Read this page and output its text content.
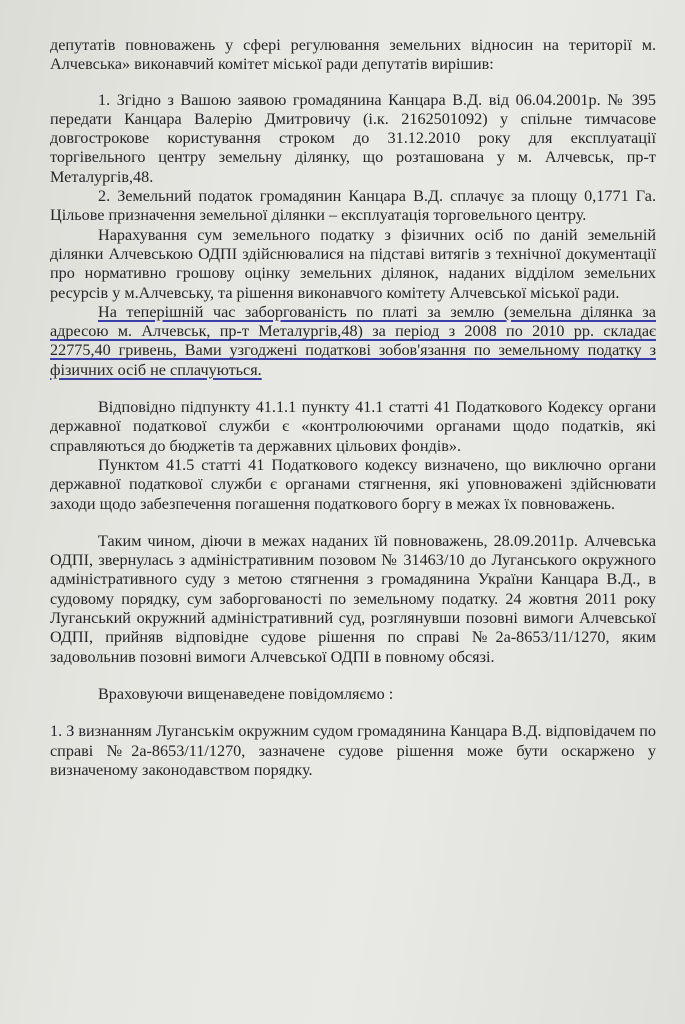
депутатів повноважень у сфері регулювання земельних відносин на території м. Алчевська» виконавчий комітет міської ради депутатів вирішив:

1. Згідно з Вашою заявою громадянина Канцара В.Д. від 06.04.2001р. № 395 передати Канцара Валерію Дмитровичу (і.к. 2162501092) у спільне тимчасове довгострокове користування строком до 31.12.2010 року для експлуатації торгівельного центру земельну ділянку, що розташована у м. Алчевськ, пр-т Металургів,48.

2. Земельний податок громадянин Канцара В.Д. сплачує за площу 0,1771 Га. Цільове призначення земельної ділянки – експлуатація торговельного центру.

Нарахування сум земельного податку з фізичних осіб по даній земельній ділянки Алчевською ОДПІ здійснювалися на підставі витягів з технічної документації про нормативно грошову оцінку земельних ділянок, наданих відділом земельних ресурсів у м.Алчевську, та рішення виконавчого комітету Алчевської міської ради.

На теперішній час заборгованість по платі за землю (земельна ділянка за адресою м. Алчевськ, пр-т Металургів,48) за період з 2008 по 2010 рр. складає 22775,40 гривень, Вами узгоджені податкові зобов'язання по земельному податку з фізичних осіб не сплачуються.

Відповідно підпункту 41.1.1 пункту 41.1 статті 41 Податкового Кодексу органи державної податкової служби є «контролюючими органами щодо податків, які справляються до бюджетів та державних цільових фондів».

Пунктом 41.5 статті 41 Податкового кодексу визначено, що виключно органи державної податкової служби є органами стягнення, які уповноважені здійснювати заходи щодо забезпечення погашення податкового боргу в межах їх повноважень.

Таким чином, діючи в межах наданих їй повноважень, 28.09.2011р. Алчевська ОДПІ, звернулась з адміністративним позовом № 31463/10 до Луганського окружного адміністративного суду з метою стягнення з громадянина України Канцара В.Д., в судовому порядку, сум заборгованості по земельному податку. 24 жовтня 2011 року Луганський окружний адміністративний суд, розглянувши позовні вимоги Алчевської ОДПІ, прийняв відповідне судове рішення по справі №2а-8653/11/1270, яким задовольнив позовні вимоги Алчевської ОДПІ в повному обсязі.

Враховуючи вищенаведене повідомляємо :

1. З визнанням Луганськім окружним судом громадянина Канцара В.Д. відповідачем по справі №2а-8653/11/1270, зазначене судове рішення може бути оскаржено у визначеному законодавством порядку.
